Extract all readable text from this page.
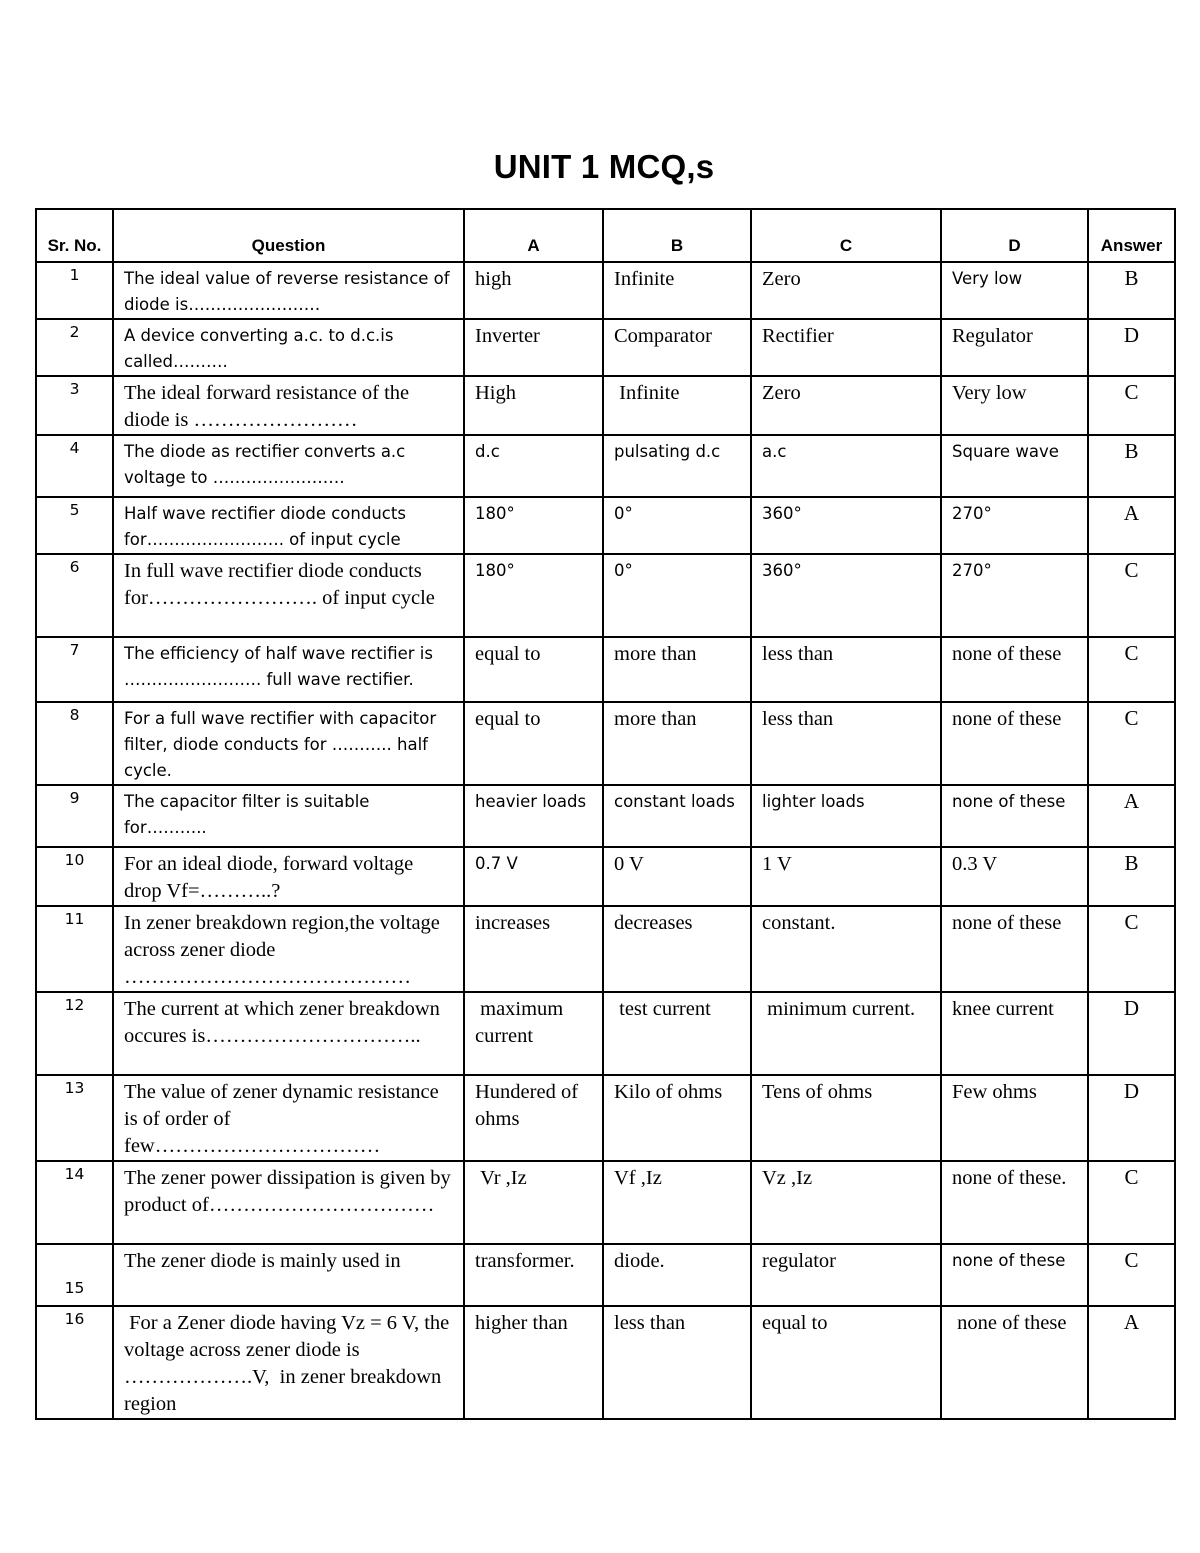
UNIT 1 MCQ,s
Sr. No.	Question	A	B	C	D	Answer
1	The ideal value of reverse resistance of diode is……………………	high	Infinite	Zero	Very low	B
2	A device converting a.c. to d.c.is called……….	Inverter	Comparator	Rectifier	Regulator	D
3	The ideal forward resistance of the diode is ……………………	High	Infinite	Zero	Very low	C
4	The diode as rectifier converts a.c voltage to ……………………	d.c	pulsating d.c	a.c	Square wave	B
5	Half wave rectifier diode conducts for……………………. of input cycle	180°	0°	360°	270°	A
6	In full wave rectifier diode conducts for……………………. of input cycle	180°	0°	360°	270°	C
7	The efficiency of half wave rectifier is ……………………. full wave rectifier.	equal to	more than	less than	none of these	C
8	For a full wave rectifier with capacitor filter, diode conducts for ……….. half cycle.	equal to	more than	less than	none of these	C
9	The capacitor filter is suitable for………..	heavier loads	constant loads	lighter loads	none of these	A
10	For an ideal diode, forward voltage drop Vf=………..?	0.7 V	0 V	1 V	0.3 V	B
11	In zener breakdown region,the voltage across zener diode ……………………………………	increases	decreases	constant.	none of these	C
12	The current at which zener breakdown occures is…………………………..	maximum current	test current	minimum current.	knee current	D
13	The value of zener dynamic resistance is of order of few……………………………	Hundered of ohms	Kilo of ohms	Tens of ohms	Few ohms	D
14	The zener power dissipation is given by product of……………………………	Vr ,Iz	Vf ,Iz	Vz ,Iz	none of these.	C
15	The zener diode is mainly used in	transformer.	diode.	regulator	none of these	C
16	For a Zener diode having Vz = 6 V, the voltage across zener diode is ……………….V,  in zener breakdown region	higher than	less than	equal to	none of these	A
